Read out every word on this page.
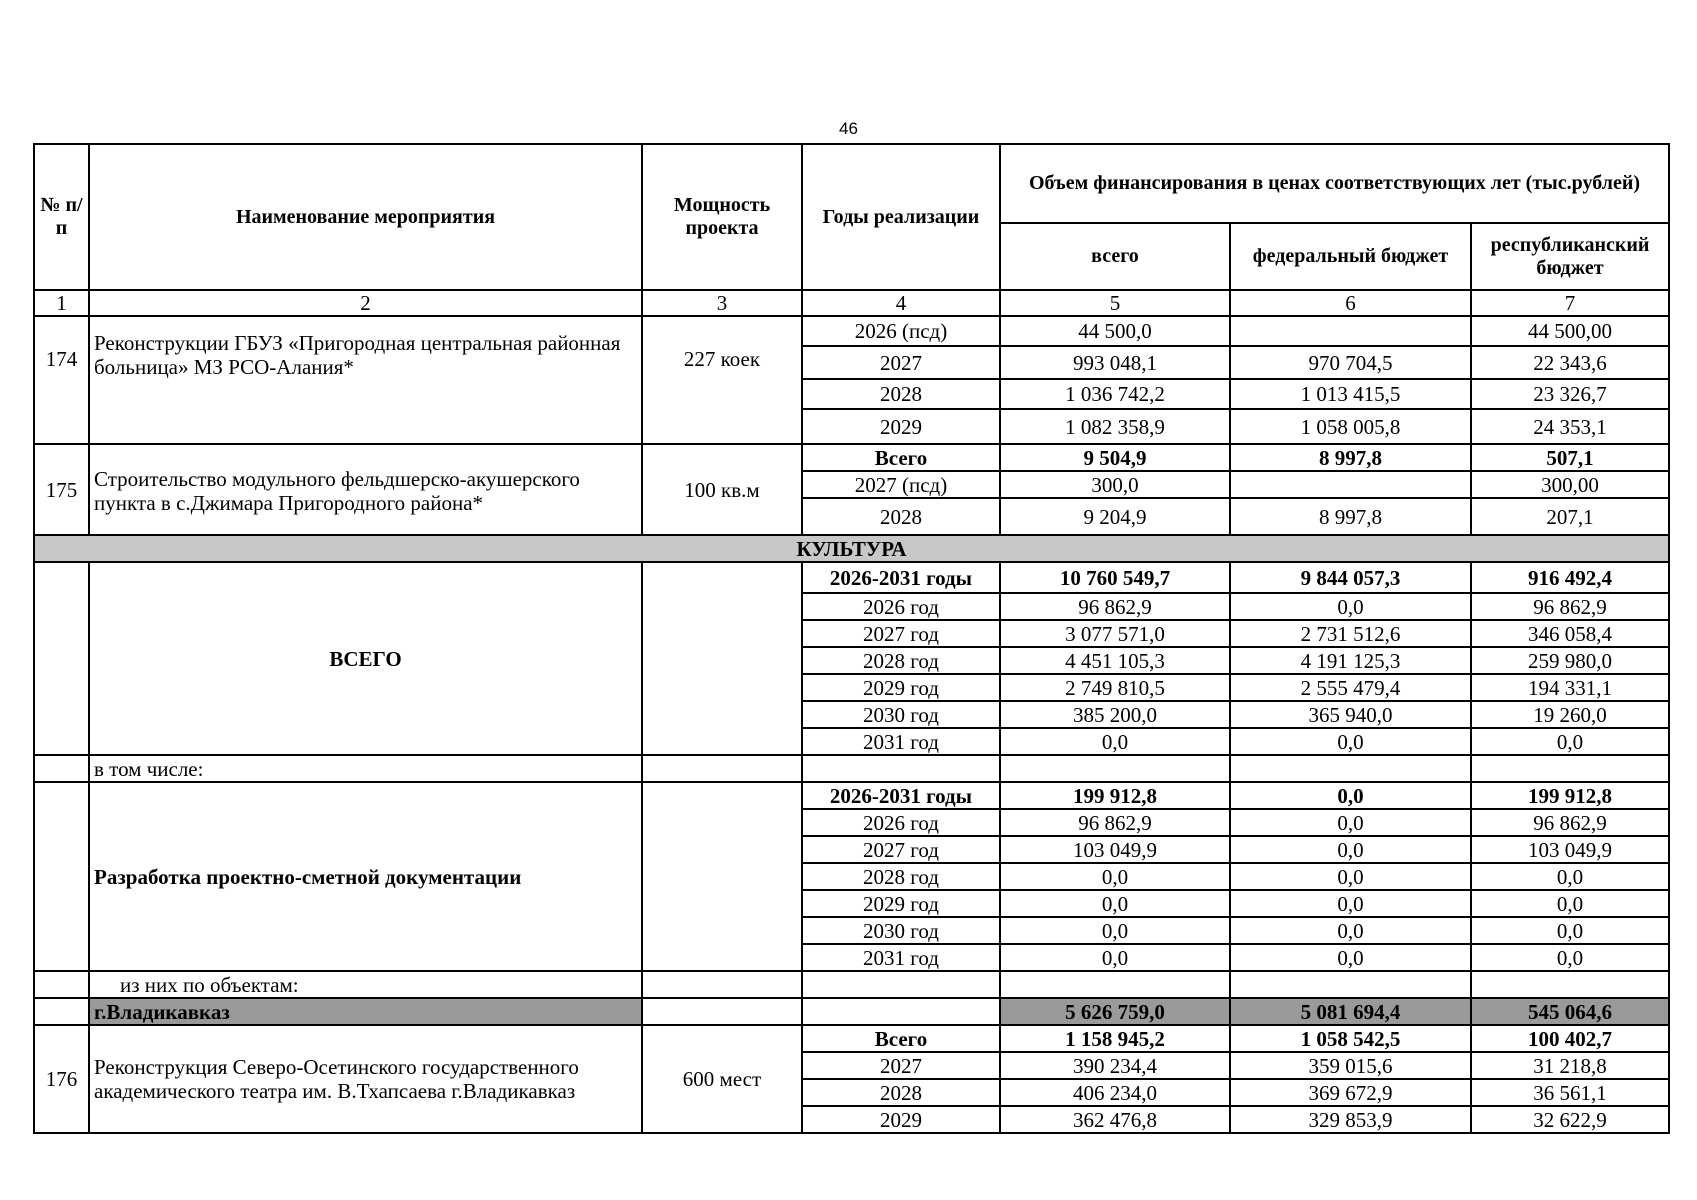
46
№ п/п	Наименование мероприятия	Мощность проекта	Годы реализации	Объем финансирования в ценах соответствующих лет (тыс.рублей)		
				всего	федеральный бюджет	республиканский бюджет
1	2	3	4	5	6	7
174	Реконструкции ГБУЗ «Пригородная центральная районная больница» МЗ РСО-Алания*	227 коек	2026 (псд)	44 500,0		44 500,00
			2027	993 048,1	970 704,5	22 343,6
			2028	1 036 742,2	1 013 415,5	23 326,7
			2029	1 082 358,9	1 058 005,8	24 353,1
175	Строительство модульного фельдшерско-акушерского пункта в с.Джимара Пригородного района*	100 кв.м	Всего	9 504,9	8 997,8	507,1
			2027 (псд)	300,0		300,00
			2028	9 204,9	8 997,8	207,1
КУЛЬТУРА						
	ВСЕГО		2026-2031 годы	10 760 549,7	9 844 057,3	916 492,4
			2026 год	96 862,9	0,0	96 862,9
			2027 год	3 077 571,0	2 731 512,6	346 058,4
			2028 год	4 451 105,3	4 191 125,3	259 980,0
			2029 год	2 749 810,5	2 555 479,4	194 331,1
			2030 год	385 200,0	365 940,0	19 260,0
			2031 год	0,0	0,0	0,0
	в том числе:					
	Разработка проектно-сметной документации		2026-2031 годы	199 912,8	0,0	199 912,8
			2026 год	96 862,9	0,0	96 862,9
			2027 год	103 049,9	0,0	103 049,9
			2028 год	0,0	0,0	0,0
			2029 год	0,0	0,0	0,0
			2030 год	0,0	0,0	0,0
			2031 год	0,0	0,0	0,0
	из них по объектам:					
	г.Владикавказ			5 626 759,0	5 081 694,4	545 064,6
176	Реконструкция Северо-Осетинского государственного академического театра им. В.Тхапсаева г.Владикавказ	600 мест	Всего	1 158 945,2	1 058 542,5	100 402,7
			2027	390 234,4	359 015,6	31 218,8
			2028	406 234,0	369 672,9	36 561,1
			2029	362 476,8	329 853,9	32 622,9
